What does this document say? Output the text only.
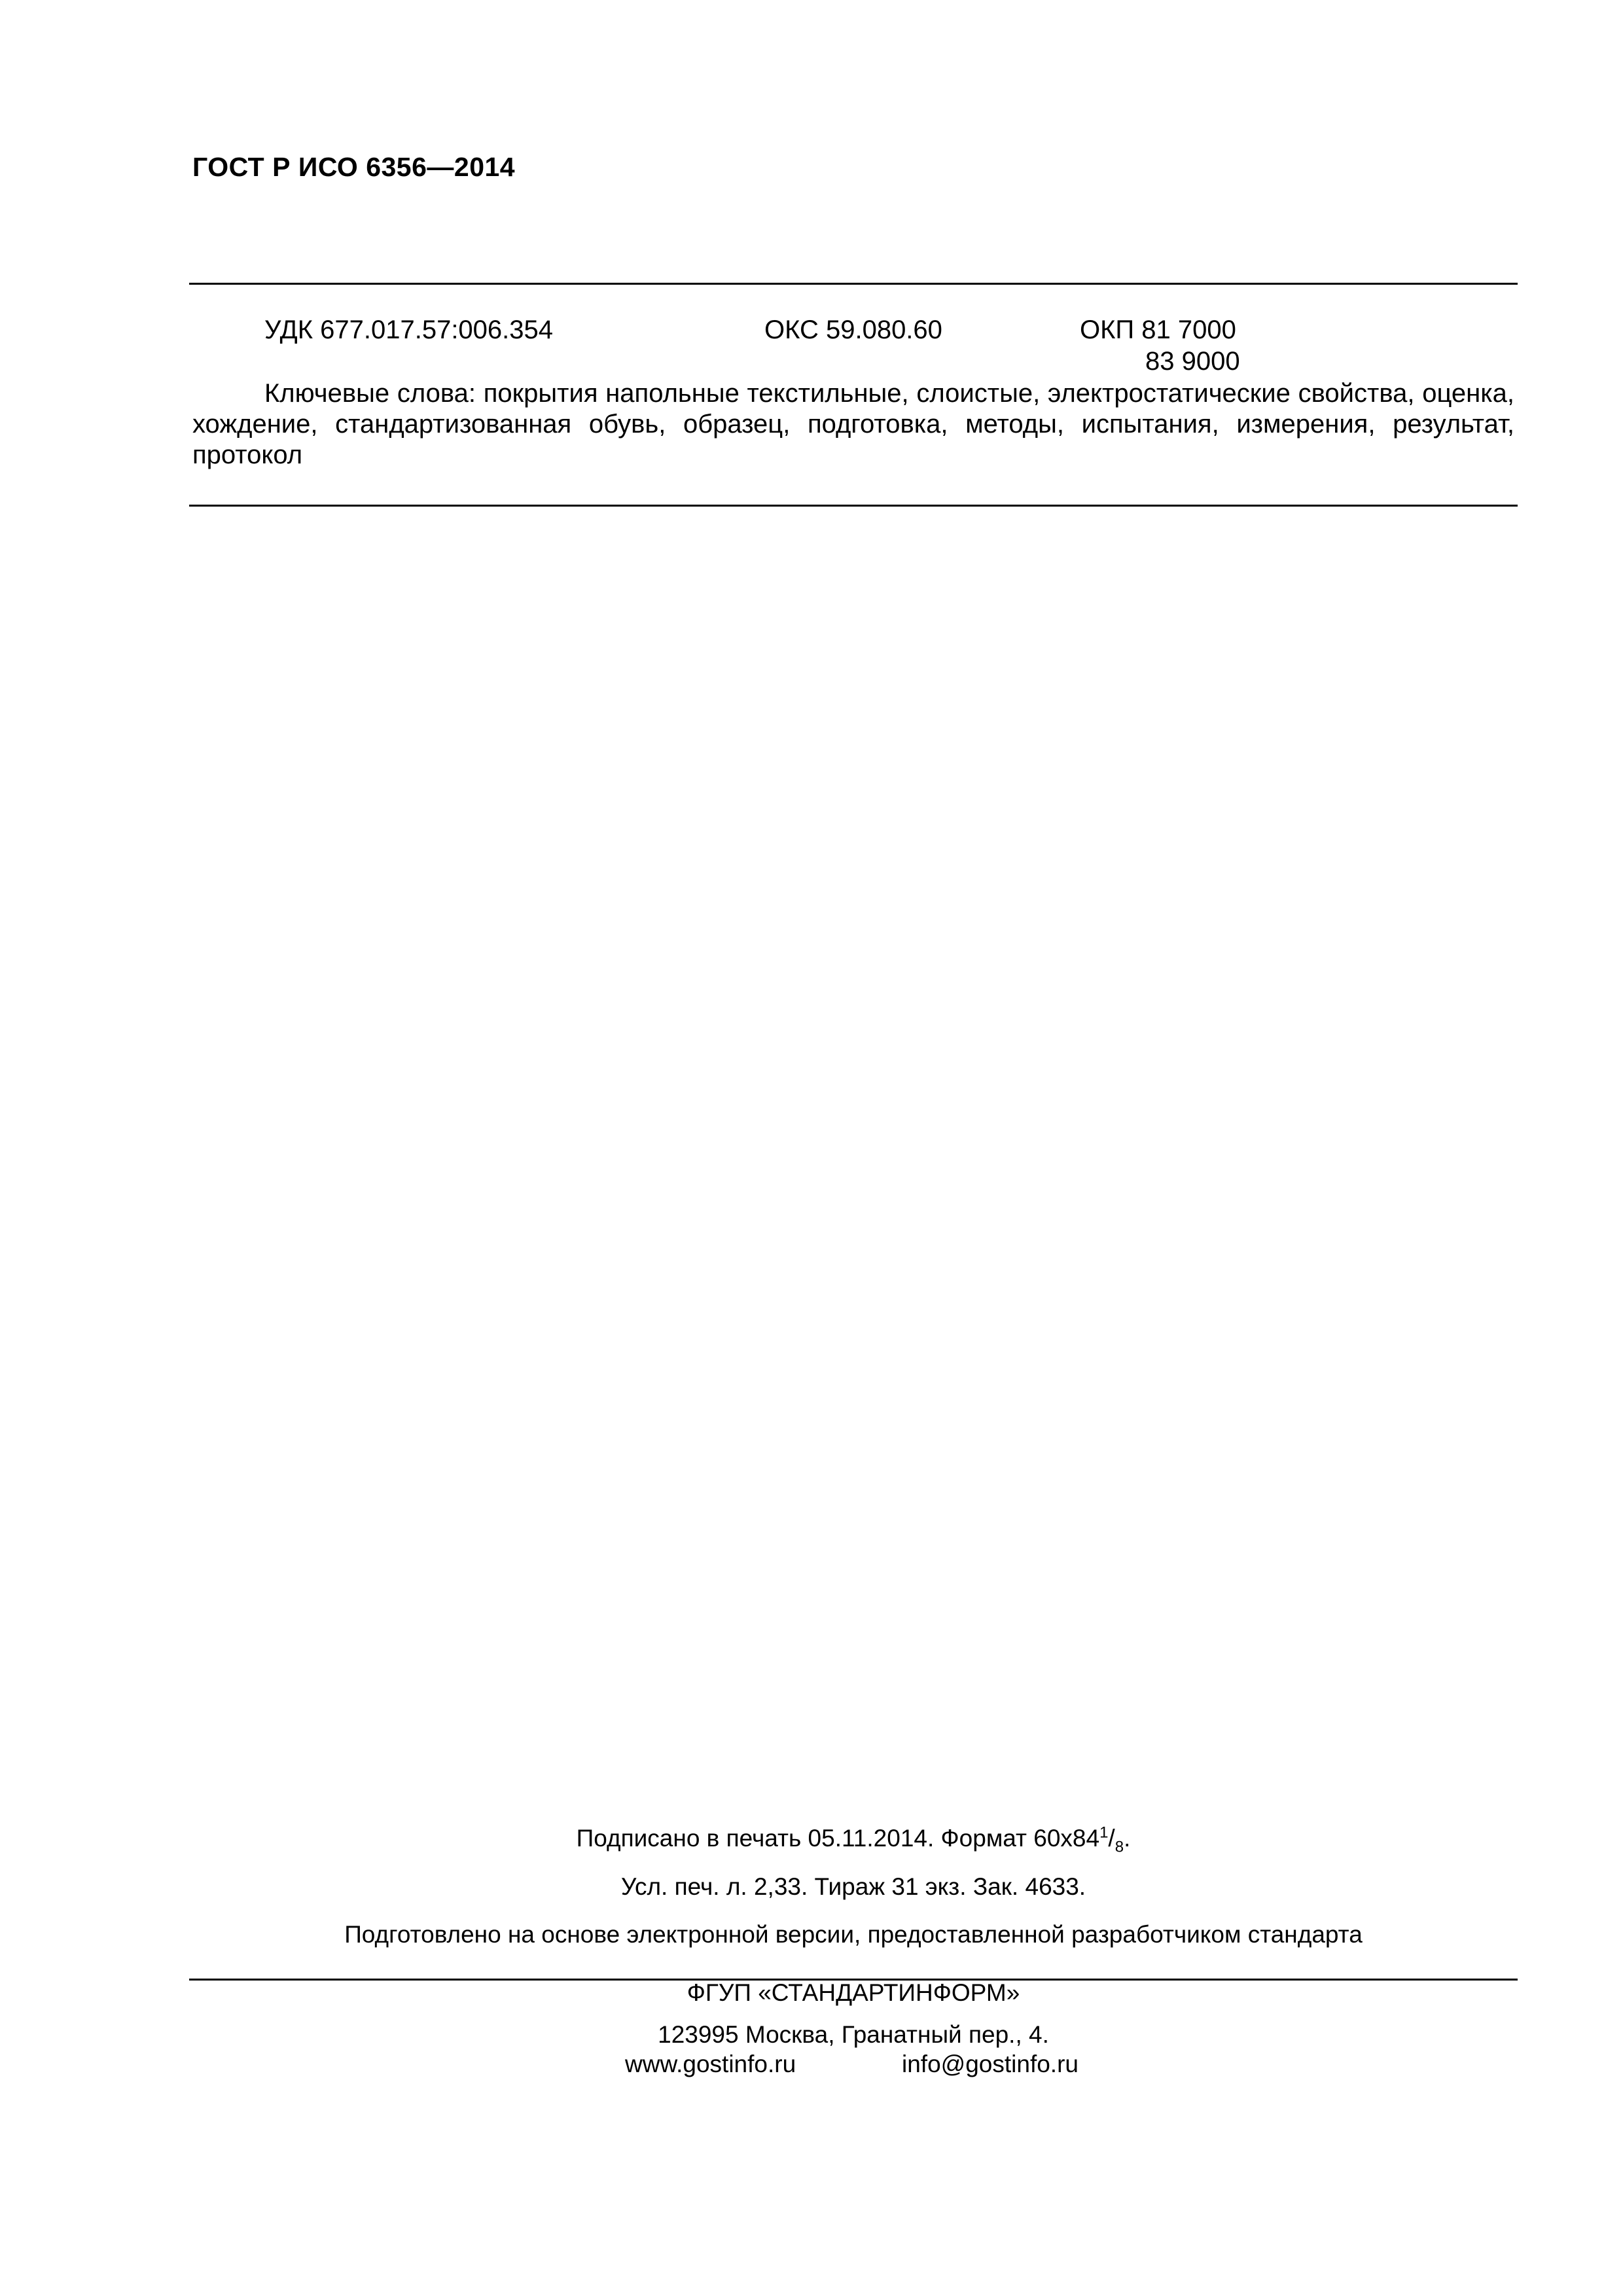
ГОСТ Р ИСО 6356—2014
УДК 677.017.57:006.354	ОКС 59.080.60	ОКП 81 7000
83 9000
Ключевые слова: покрытия напольные текстильные, слоистые, электростатические свойства, оценка, хождение, стандартизованная обувь, образец, подготовка, методы, испытания, измерения, результат, протокол
Подписано в печать 05.11.2014. Формат $60x84^1/_8$.
Усл. печ. л. 2,33. Тираж 31 экз. Зак. 4633.
Подготовлено на основе электронной версии, предоставленной разработчиком стандарта
ФГУП «СТАНДАРТИНФОРМ»
123995 Москва, Гранатный пер., 4.
www.gostinfo.ru	info@gostinfo.ru
